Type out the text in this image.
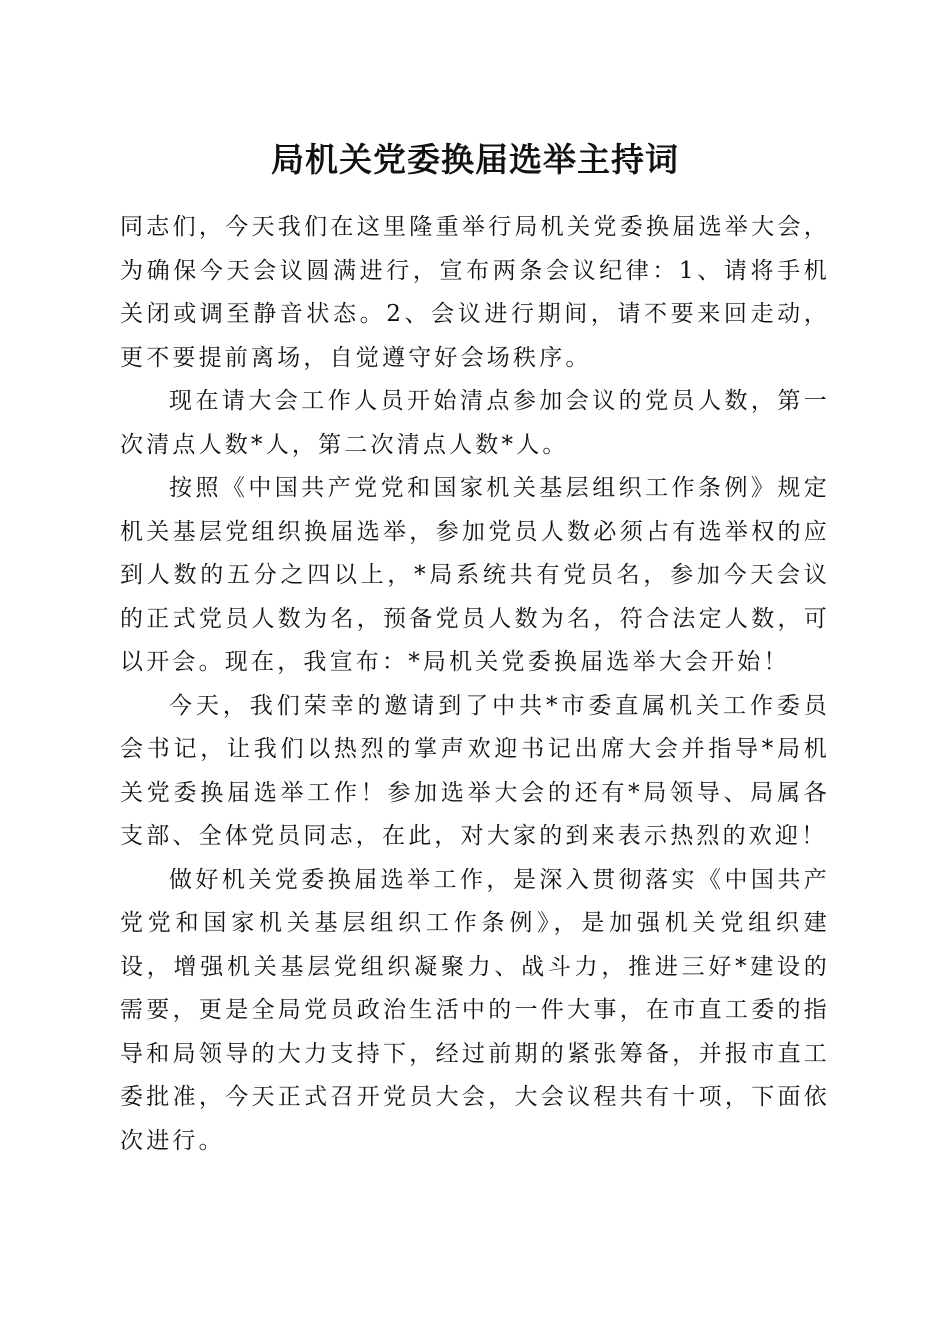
局机关党委换届选举主持词

同志们，今天我们在这里隆重举行局机关党委换届选举大会，为确保今天会议圆满进行，宣布两条会议纪律：1、请将手机关闭或调至静音状态。2、会议进行期间，请不要来回走动，更不要提前离场，自觉遵守好会场秩序。

现在请大会工作人员开始清点参加会议的党员人数，第一次清点人数*人，第二次清点人数*人。

按照《中国共产党党和国家机关基层组织工作条例》规定机关基层党组织换届选举，参加党员人数必须占有选举权的应到人数的五分之四以上，*局系统共有党员名，参加今天会议的正式党员人数为名，预备党员人数为名，符合法定人数，可以开会。现在，我宣布：*局机关党委换届选举大会开始！

今天，我们荣幸的邀请到了中共*市委直属机关工作委员会书记，让我们以热烈的掌声欢迎书记出席大会并指导*局机关党委换届选举工作！参加选举大会的还有*局领导、局属各支部、全体党员同志，在此，对大家的到来表示热烈的欢迎！

做好机关党委换届选举工作，是深入贯彻落实《中国共产党党和国家机关基层组织工作条例》，是加强机关党组织建设，增强机关基层党组织凝聚力、战斗力，推进三好*建设的需要，更是全局党员政治生活中的一件大事，在市直工委的指导和局领导的大力支持下，经过前期的紧张筹备，并报市直工委批准，今天正式召开党员大会，大会议程共有十项，下面依次进行。
